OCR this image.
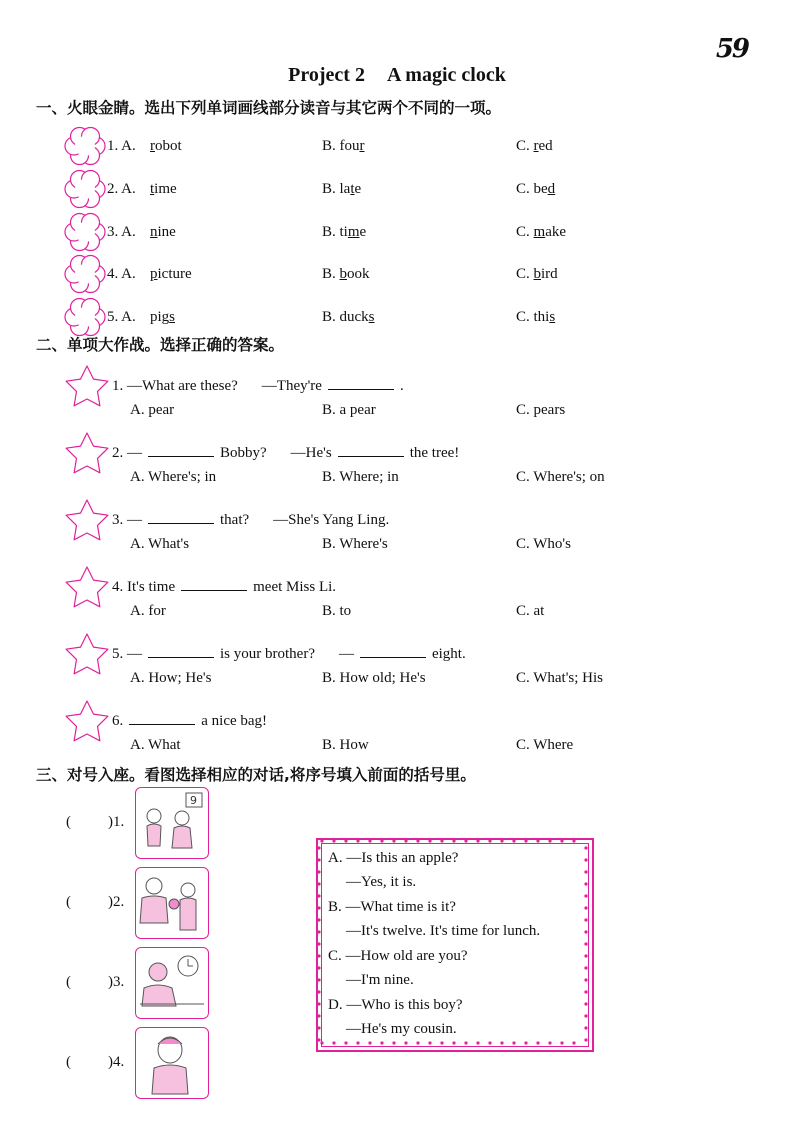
59
Project 2 A magic clock
一、火眼金睛。选出下列单词画线部分读音与其它两个不同的一项。
1. A. robot	B. four	C. red
2. A. time	B. late	C. bed
3. A. nine	B. time	C. make
4. A. picture	B. book	C. bird
5. A. pigs	B. ducks	C. this
二、单项大作战。选择正确的答案。
1. —What are these? —They're	.
2. —	Bobby? —He's	the tree!
3. —	that? —She's Yang Ling.
4. It's time	meet Miss Li.
5. —	is your brother? —	eight.
6.	a nice bag!
A. pear	B. a pear	C. pears
A. Where's; in	B. Where; in	C. Where's; on
A. What's	B. Where's	C. Who's
A. for	B. to	C. at
A. How; He's	B. How old; He's	C. What's; His
A. What	B. How	C. Where
三、对号入座。看图选择相应的对话,将序号填入前面的括号里。
( )1.
( )2.
( )3.
( )4.
9
A. —Is this an apple?
—Yes, it is.
B. —What time is it?
—It's twelve. It's time for lunch.
C. —How old are you?
—I'm nine.
D. —Who is this boy?
—He's my cousin.
